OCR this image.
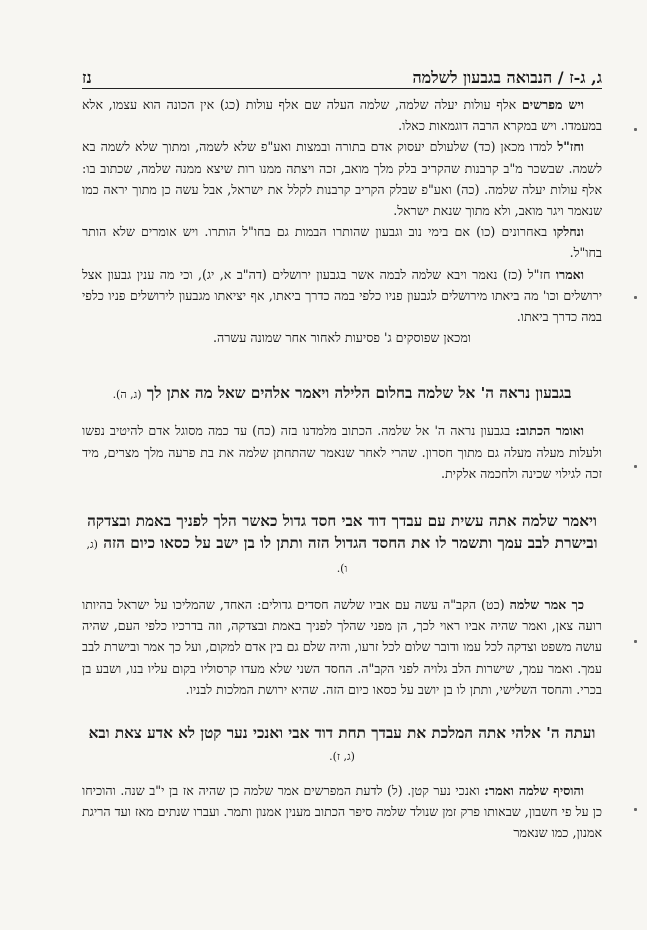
ג, ג-ז / הנבואה בגבעון לשלמה
נז

ויש מפרשים אלף עולות יעלה שלמה, שלמה העלה שם אלף עולות (כג) אין הכונה הוא עצמו, אלא במעמדו. ויש במקרא הרבה דוגמאות כאלו.

וחז"ל למדו מכאן (כד) שלעולם יעסוק אדם בתורה ובמצות ואע"פ שלא לשמה, ומתוך שלא לשמה בא לשמה. שבשכר מ"ב קרבנות שהקריב בלק מלך מואב, זכה ויצתה ממנו רות שיצא ממנה שלמה, שכתוב בו: אלף עולות יעלה שלמה. (כה) ואע"פ שבלק הקריב קרבנות לקלל את ישראל, אבל עשה כן מתוך יראה כמו שנאמר ויגר מואב, ולא מתוך שנאת ישראל.

ונחלקו באחרונים (כו) אם בימי נוב וגבעון שהותרו הבמות גם בחו"ל הותרו. ויש אומרים שלא הותר בחו"ל.

ואמרו חז"ל (כז) נאמר ויבא שלמה לבמה אשר בגבעון ירושלים (דה"ב א, יג), וכי מה ענין גבעון אצל ירושלים וכו' מה ביאתו מירושלים לגבעון פניו כלפי במה כדרך ביאתו, אף יציאתו מגבעון לירושלים פניו כלפי במה כדרך ביאתו.

ומכאן שפוסקים ג' פסיעות לאחור אחר שמונה עשרה.

בגבעון נראה ה' אל שלמה בחלום הלילה ויאמר אלהים שאל מה אתן לך (ג, ה).

ואומר הכתוב: בגבעון נראה ה' אל שלמה. הכתוב מלמדנו בזה (כח) עד כמה מסוגל אדם להיטיב נפשו ולעלות מעלה מעלה גם מתוך חסרון. שהרי לאחר שנאמר שהתחתן שלמה את בת פרעה מלך מצרים, מיד זכה לגילוי שכינה ולחכמה אלקית.

ויאמר שלמה אתה עשית עם עבדך דוד אבי חסד גדול כאשר הלך לפניך באמת ובצדקה ובישרת לבב עמך ותשמר לו את החסד הגדול הזה ותתן לו בן ישב על כסאו כיום הזה (ג, ו).

כך אמר שלמה (כט) הקב"ה עשה עם אביו שלשה חסדים גדולים: האחד, שהמליכו על ישראל בהיותו רועה צאן, ואמר שהיה אביו ראוי לכך, הן מפני שהלך לפניך באמת ובצדקה, וזה בדרכיו כלפי העם, שהיה עושה משפט וצדקה לכל עמו ודובר שלום לכל זרעו, והיה שלם גם בין אדם למקום, ועל כך אמר ובישרת לבב עמך. ואמר עמך, שישרות הלב גלויה לפני הקב"ה. החסד השני שלא מעדו קרסוליו בקום עליו בנו, ושבע בן בכרי. והחסד השלישי, ותתן לו בן יושב על כסאו כיום הזה. שהיא ירושת המלכות לבניו.

ועתה ה' אלהי אתה המלכת את עבדך תחת דוד אבי ואנכי נער קטן לא אדע צאת ובא (ג, ז).

והוסיף שלמה ואמר: ואנכי נער קטן. (ל) לדעת המפרשים אמר שלמה כן שהיה אז בן י"ב שנה. והוכיחו כן על פי חשבון, שבאותו פרק זמן שנולד שלמה סיפר הכתוב מענין אמנון ותמר. ועברו שנתים מאז ועד הריגת אמנון, כמו שנאמר
